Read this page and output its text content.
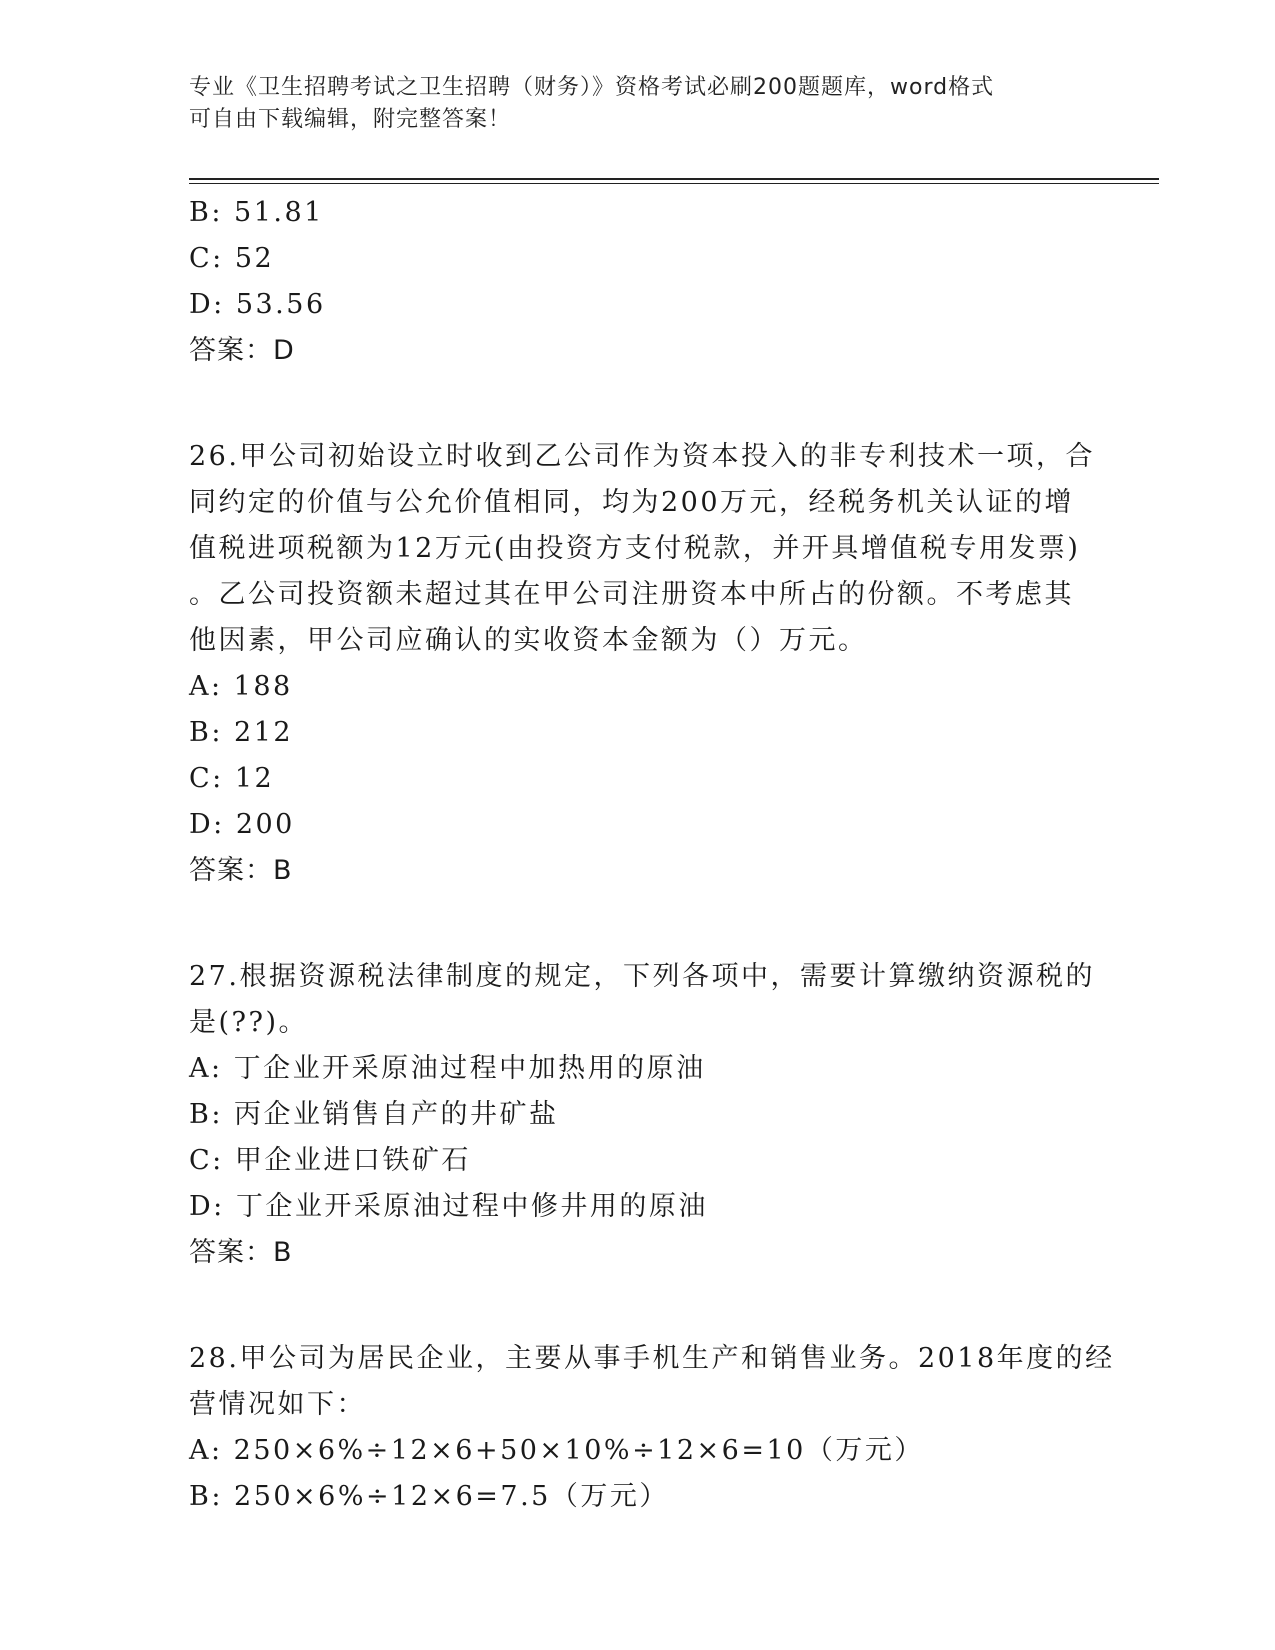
专业《卫生招聘考试之卫生招聘（财务）》资格考试必刷200题题库，word格式
可自由下载编辑，附完整答案！
B: 51.81
C: 52
D: 53.56
答案：D
26.甲公司初始设立时收到乙公司作为资本投入的非专利技术一项，合
同约定的价值与公允价值相同，均为200万元，经税务机关认证的增
值税进项税额为12万元(由投资方支付税款，并开具增值税专用发票)
。乙公司投资额未超过其在甲公司注册资本中所占的份额。不考虑其
他因素，甲公司应确认的实收资本金额为（）万元。
A: 188
B: 212
C: 12
D: 200
答案：B
27.根据资源税法律制度的规定，下列各项中，需要计算缴纳资源税的
是(??)。
A: 丁企业开采原油过程中加热用的原油
B: 丙企业销售自产的井矿盐
C: 甲企业进口铁矿石
D: 丁企业开采原油过程中修井用的原油
答案：B
28.甲公司为居民企业，主要从事手机生产和销售业务。2018年度的经
营情况如下：
A: 250×6%÷12×6+50×10%÷12×6=10（万元）
B: 250×6%÷12×6=7.5（万元）
